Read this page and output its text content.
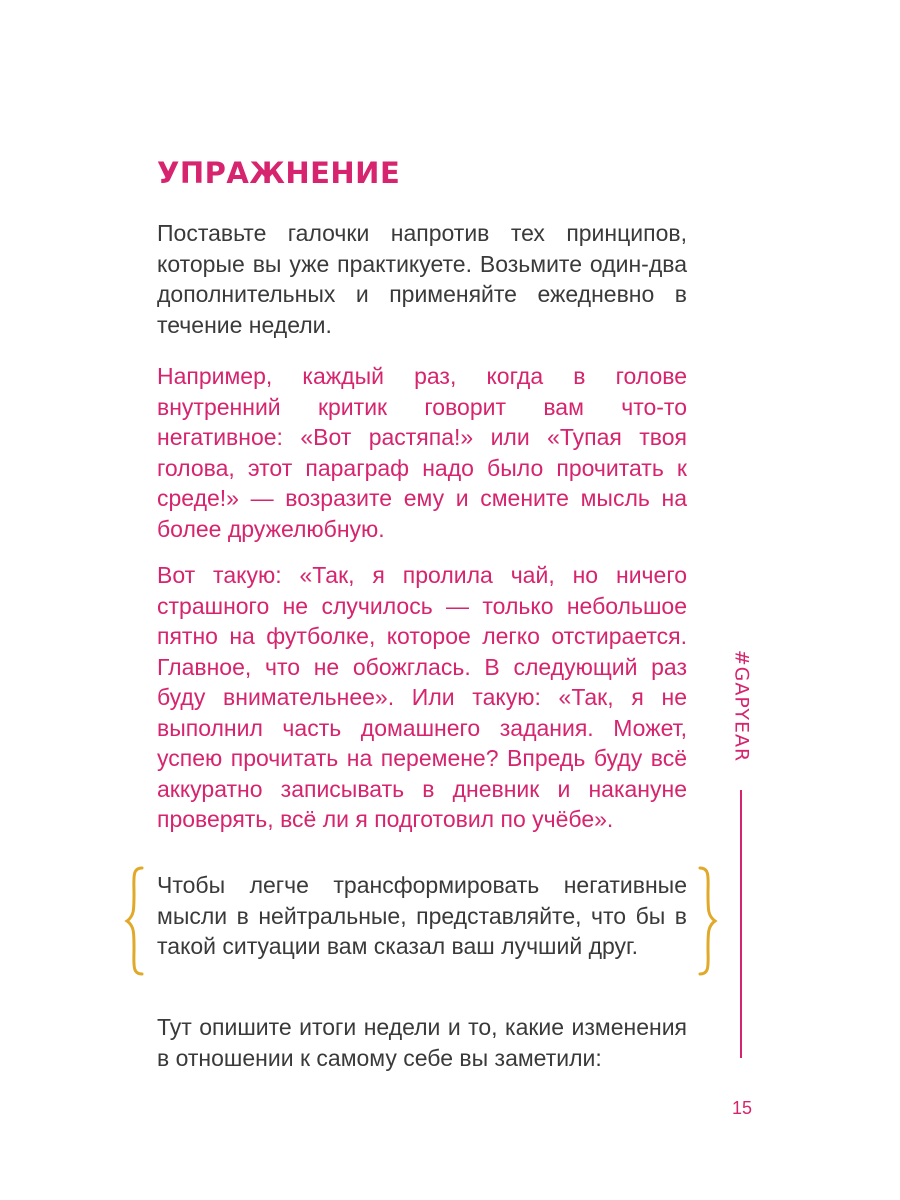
УПРАЖНЕНИЕ

Поставьте галочки напротив тех принципов, которые вы уже практикуете. Возьмите один-два дополнительных и применяйте ежедневно в течение недели.

Например, каждый раз, когда в голове внутренний критик говорит вам что-то негативное: «Вот растяпа!» или «Тупая твоя голова, этот параграф надо было прочитать к среде!» — возразите ему и смените мысль на более дружелюбную.

Вот такую: «Так, я пролила чай, но ничего страшного не случилось — только небольшое пятно на футболке, которое легко отстирается. Главное, что не обожглась. В следующий раз буду внимательнее». Или такую: «Так, я не выполнил часть домашнего задания. Может, успею прочитать на перемене? Впредь буду всё аккуратно записывать в дневник и накануне проверять, всё ли я подготовил по учёбе».

Чтобы легче трансформировать негативные мысли в нейтральные, представляйте, что бы в такой ситуации вам сказал ваш лучший друг.

Тут опишите итоги недели и то, какие изменения в отношении к самому себе вы заметили:

#GAPYEAR
15
